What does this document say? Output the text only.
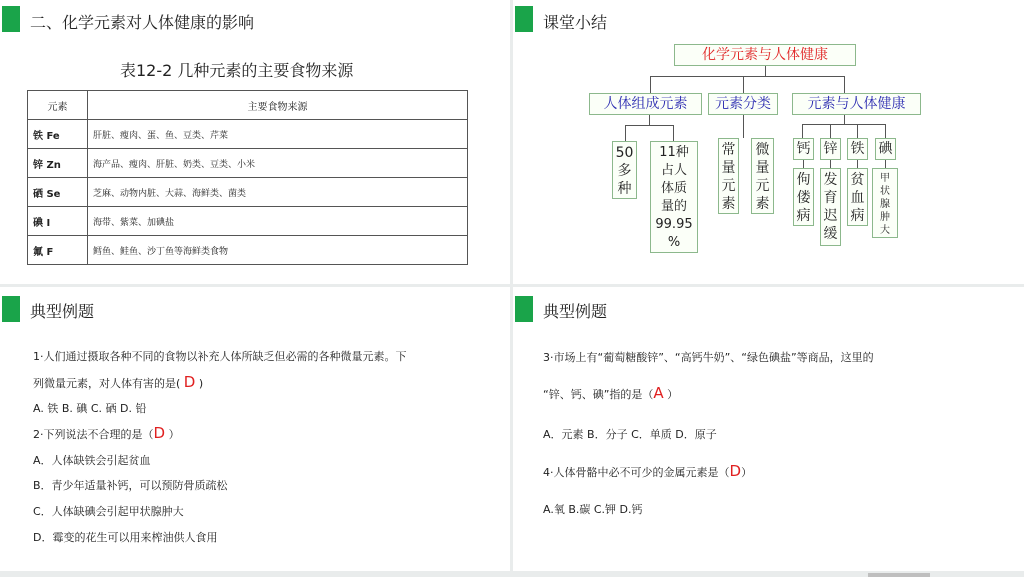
二、化学元素对人体健康的影响
表12-2 几种元素的主要食物来源
元素	主要食物来源
铁 Fe	肝脏、瘦肉、蛋、鱼、豆类、芹菜
锌 Zn	海产品、瘦肉、肝脏、奶类、豆类、小米
硒 Se	芝麻、动物内脏、大蒜、海鲜类、菌类
碘 I	海带、紫菜、加碘盐
氟 F	鳕鱼、鲑鱼、沙丁鱼等海鲜类食物
课堂小结
化学元素与人体健康
人体组成元素	元素分类	元素与人体健康
50
多
种
11种
占人
体质
量的
99.95
%
常
量
元
素
微
量
元
素
钙 锌 铁 碘
佝
偻
病
发
育
迟
缓
贫
血
病
甲
状
腺
肿
大
典型例题
1·人们通过摄取各种不同的食物以补充人体所缺乏但必需的各种微量元素。下
列微量元素，对人体有害的是( D )
A. 铁 B. 碘 C. 硒 D. 铅
2·下列说法不合理的是（D ）
A．人体缺铁会引起贫血
B．青少年适量补钙，可以预防骨质疏松
C．人体缺碘会引起甲状腺肿大
D．霉变的花生可以用来榨油供人食用
典型例题
3·市场上有“葡萄糖酸锌”、“高钙牛奶”、“绿色碘盐”等商品，这里的
“锌、钙、碘”指的是（A ）
A．元素 B．分子 C．单质 D．原子
4·人体骨骼中必不可少的金属元素是（D）
A.氧 B.碳 C.钾 D.钙
